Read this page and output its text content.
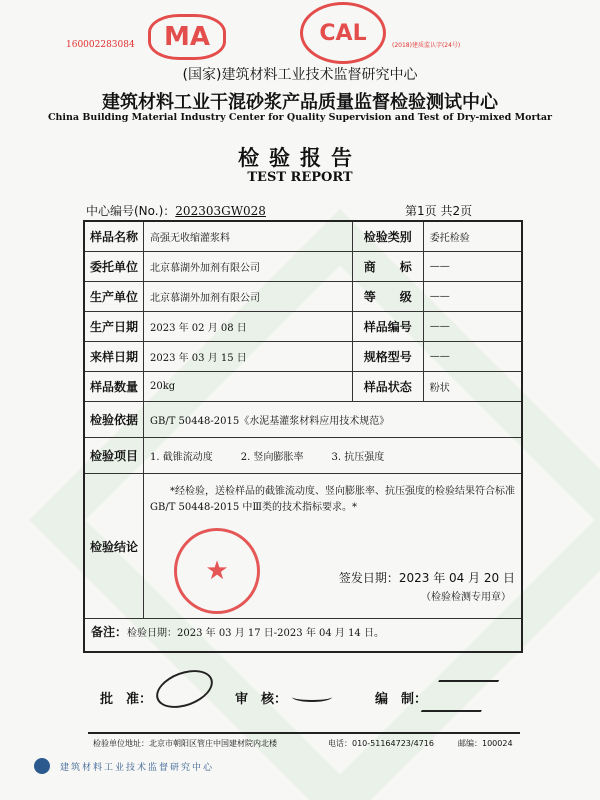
MA	CAL
160002283084	(2018)建质监认字(24号)
(国家)建筑材料工业技术监督研究中心
建筑材料工业干混砂浆产品质量监督检验测试中心
China Building Material Industry Center for Quality Supervision and Test of Dry-mixed Mortar
检验报告
TEST REPORT
中心编号(No.)：202303GW028	第1页 共2页
样品名称	高强无收缩灌浆料	检验类别	委托检验
委托单位	北京慕湖外加剂有限公司	商　　标	——
生产单位	北京慕湖外加剂有限公司	等　　级	——
生产日期	2023 年 02 月 08 日	样品编号	——
来样日期	2023 年 03 月 15 日	规格型号	——
样品数量	20kg	样品状态	粉状
检验依据	GB/T 50448-2015《水泥基灌浆材料应用技术规范》		
检验项目	1. 截锥流动度 2. 竖向膨胀率 3. 抗压强度		
检验结论	*经检验，送检样品的截锥流动度、竖向膨胀率、抗压强度的检验结果符合标准 GB/T 50448-2015 中Ⅲ类的技术指标要求。*
★ 签发日期：2023 年 04 月 20 日
（检验检测专用章）		

备注：检验日期：2023 年 03 月 17 日-2023 年 04 月 14 日。			
批　准：	审　核：	编　制：
检验单位地址：北京市朝阳区管庄中国建材院内北楼	电话：010-51164723/4716	邮编：100024
建筑材料工业技术监督研究中心
